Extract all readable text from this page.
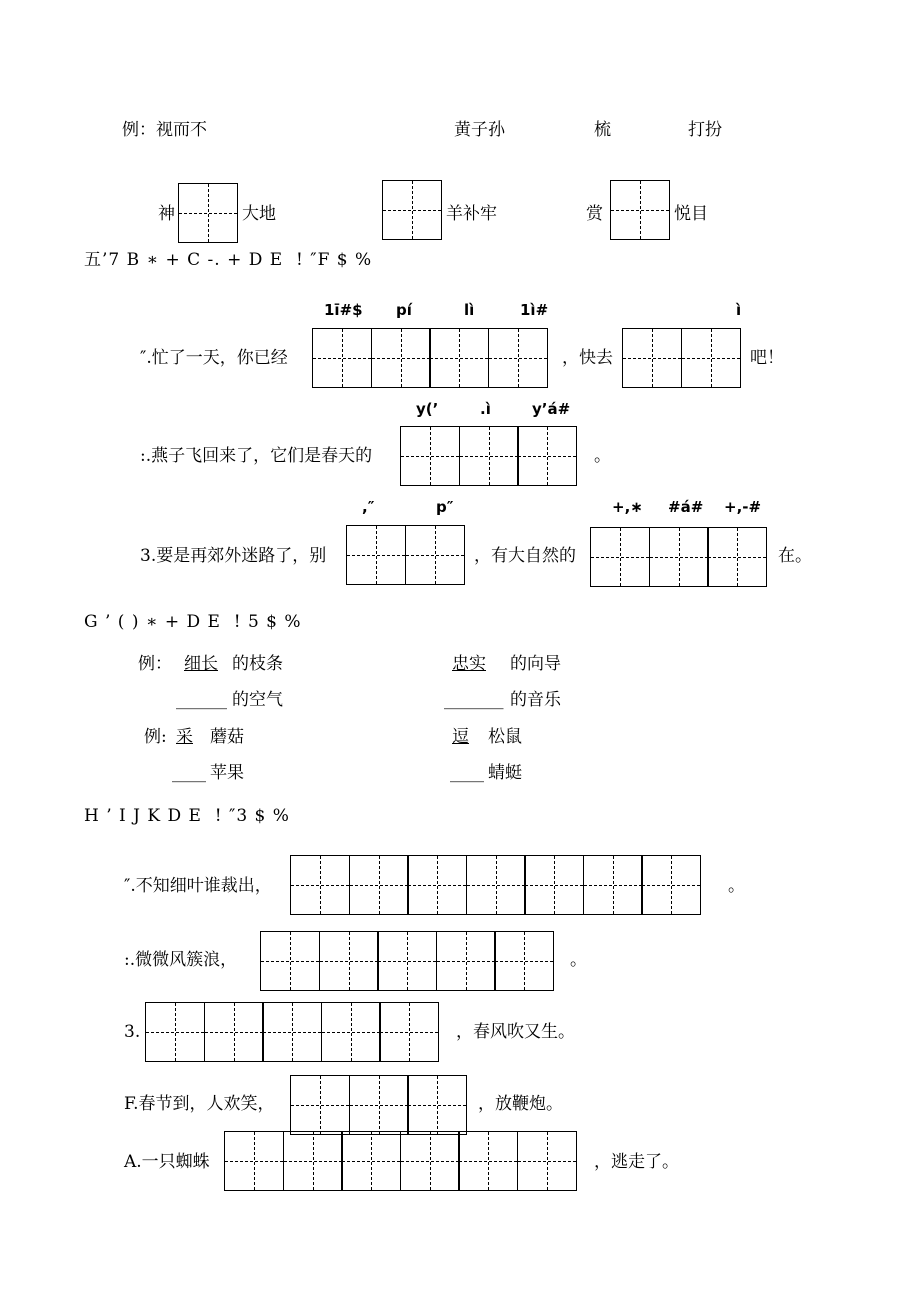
例：视而不	黄子孙	梳	打扮
神	大地	羊补牢	赏	悦目
五’7 B ∗ + C -. + D E  ! ″F $ %
1ī#$ pí	lì	1ì#	ì
″.忙了一天，你已经	，快去	吧！
y(’	.ì	y’á#
:.燕子飞回来了，它们是春天的	。
,″	p″	+,∗ #á# +,-#
3.要是再郊外迷路了，别	，有大自然的	在。
G ’ ( ) ∗ + D E  ! 5 $ %
例： 细长 的枝条	忠实 的向导
______ 的空气	_______ 的音乐
例: 采 蘑菇	逗 松鼠
____ 苹果	____ 蜻蜓
H ’ I J K D E  ! ″3 $ %
″.不知细叶谁裁出，	。
:.微微风簇浪，	。
3.	，春风吹又生。
F.春节到，人欢笑，	，放鞭炮。
A.一只蜘蛛	，逃走了。
